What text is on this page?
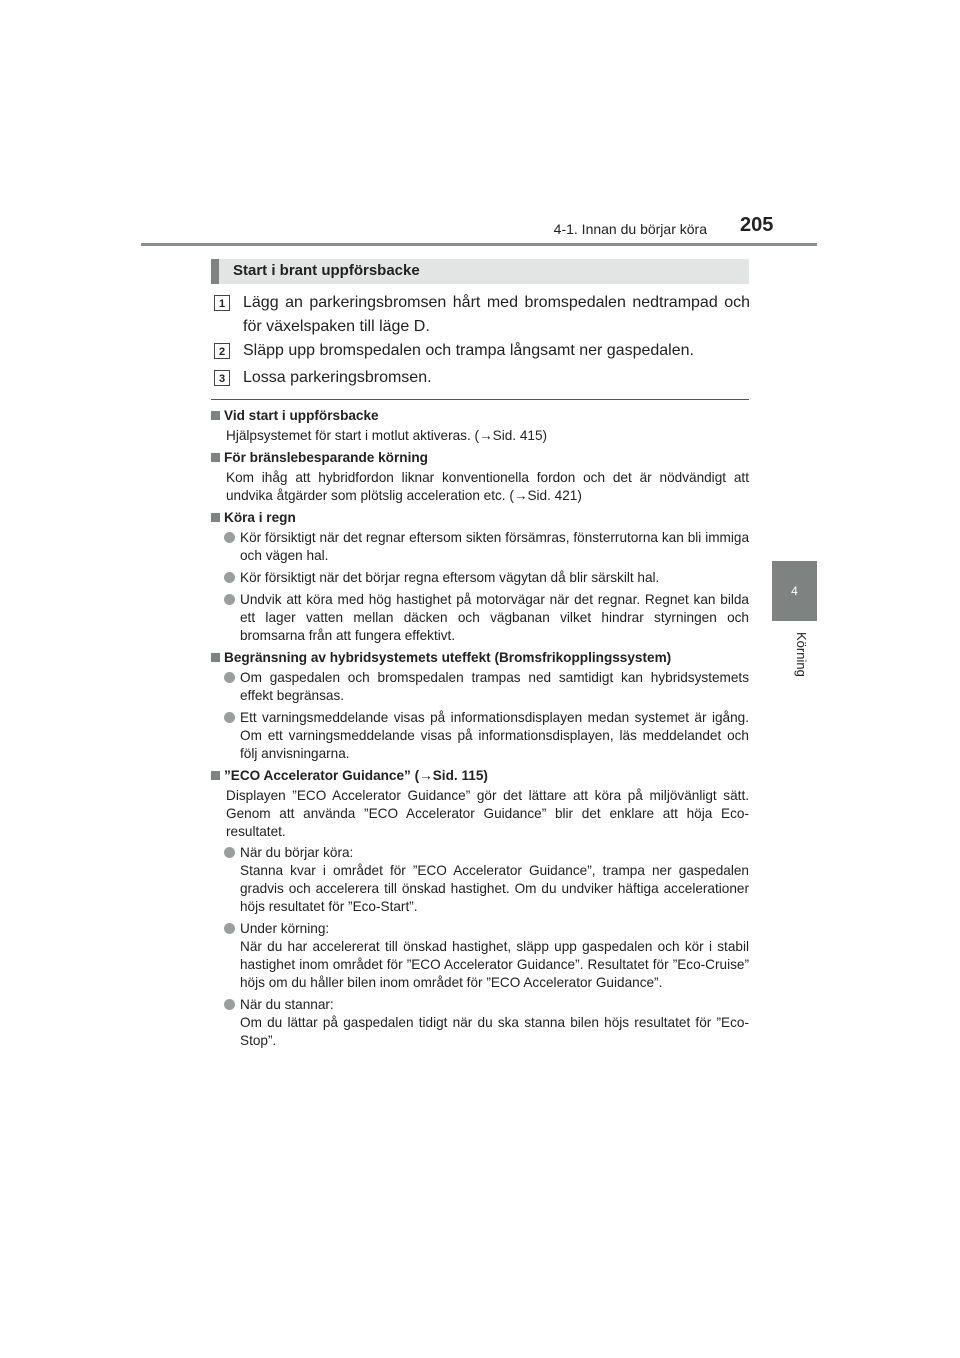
4-1. Innan du börjar köra 205
4
Körning
Start i brant uppförsbacke
1	Lägg an parkeringsbromsen hårt med bromspedalen nedtrampad och för växelspaken till läge D.
2	Släpp upp bromspedalen och trampa långsamt ner gaspedalen.
3	Lossa parkeringsbromsen.
Vid start i uppförsbacke
Hjälpsystemet för start i motlut aktiveras. (→Sid. 415)
För bränslebesparande körning
Kom ihåg att hybridfordon liknar konventionella fordon och det är nödvändigt att undvika åtgärder som plötslig acceleration etc. (→Sid. 421)
Köra i regn
Kör försiktigt när det regnar eftersom sikten försämras, fönsterrutorna kan bli immiga och vägen hal.
Kör försiktigt när det börjar regna eftersom vägytan då blir särskilt hal.
Undvik att köra med hög hastighet på motorvägar när det regnar. Regnet kan bilda ett lager vatten mellan däcken och vägbanan vilket hindrar styrningen och bromsarna från att fungera effektivt.
Begränsning av hybridsystemets uteffekt (Bromsfrikopplingssystem)
Om gaspedalen och bromspedalen trampas ned samtidigt kan hybridsystemets effekt begränsas.
Ett varningsmeddelande visas på informationsdisplayen medan systemet är igång. Om ett varningsmeddelande visas på informationsdisplayen, läs meddelandet och följ anvisningarna.
”ECO Accelerator Guidance” (→Sid. 115)
Displayen ”ECO Accelerator Guidance” gör det lättare att köra på miljövänligt sätt. Genom att använda ”ECO Accelerator Guidance” blir det enklare att höja Eco-resultatet.
När du börjar köra:
Stanna kvar i området för ”ECO Accelerator Guidance”, trampa ner gaspedalen gradvis och accelerera till önskad hastighet. Om du undviker häftiga accelerationer höjs resultatet för ”Eco-Start”.
Under körning:
När du har accelererat till önskad hastighet, släpp upp gaspedalen och kör i stabil hastighet inom området för ”ECO Accelerator Guidance”. Resultatet för ”Eco-Cruise” höjs om du håller bilen inom området för ”ECO Accelerator Guidance”.
När du stannar:
Om du lättar på gaspedalen tidigt när du ska stanna bilen höjs resultatet för ”Eco-Stop”.
